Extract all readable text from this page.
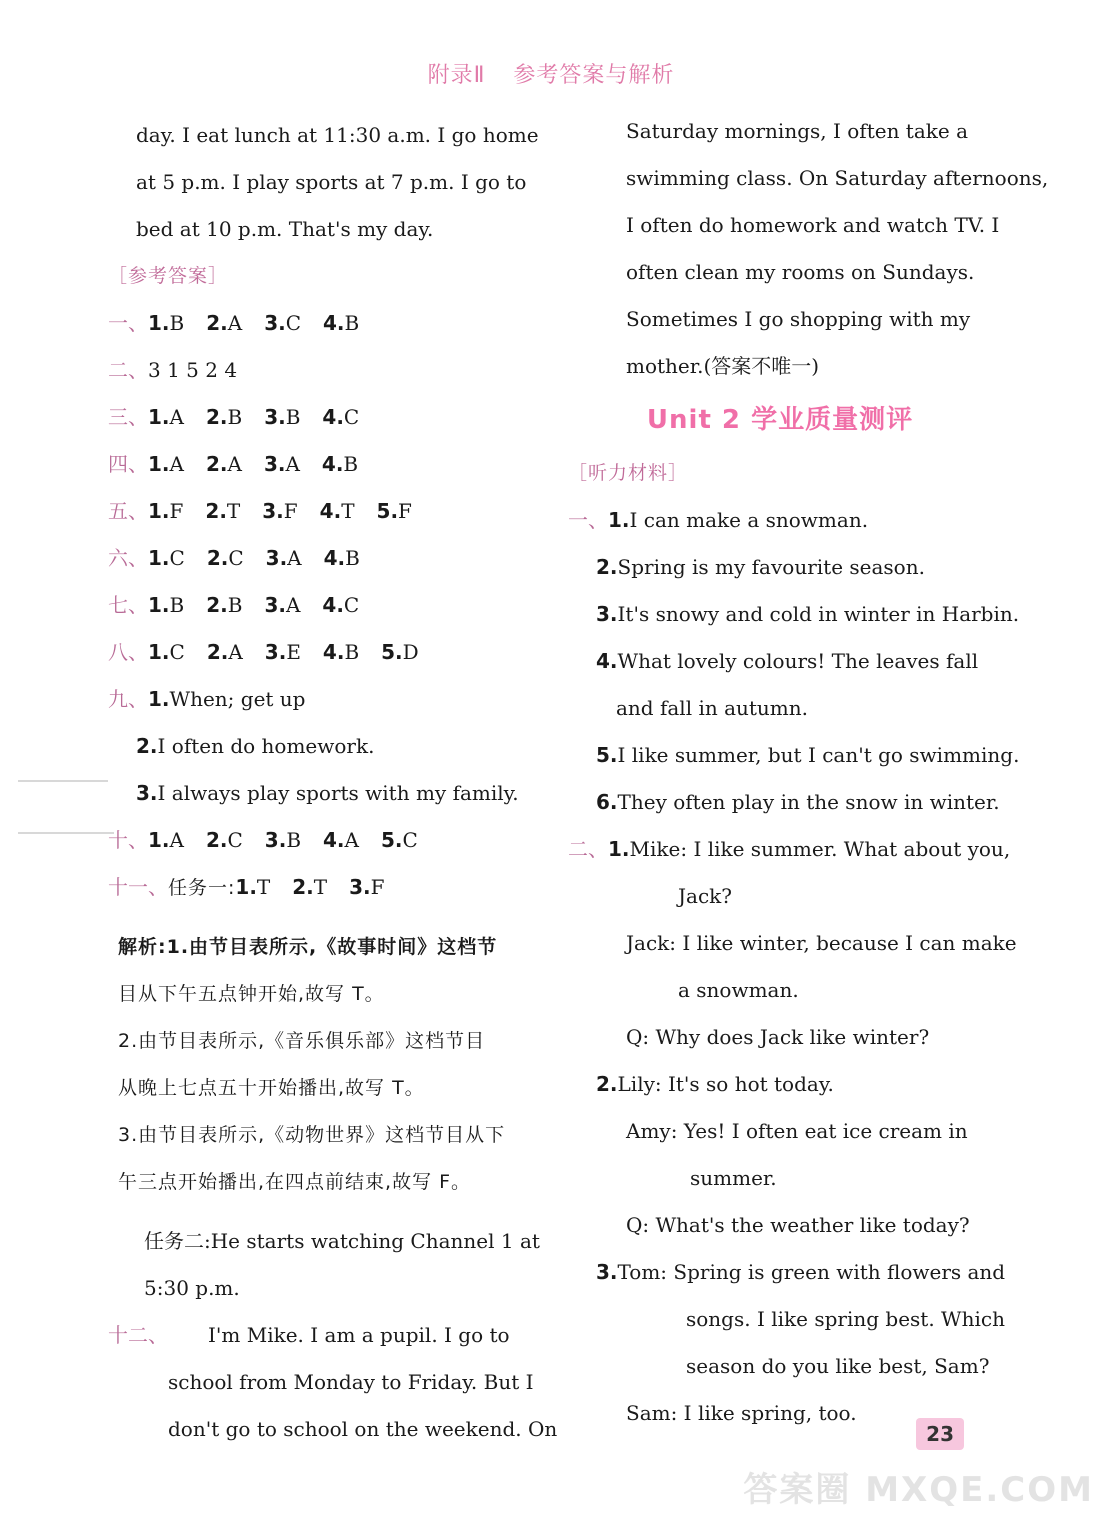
附录Ⅱ 参考答案与解析
day. I eat lunch at 11:30 a.m. I go home
at 5 p.m. I play sports at 7 p.m. I go to
bed at 10 p.m. That's my day.
［参考答案］
一、1.B 2.A 3.C 4.B
二、3 1 5 2 4
三、1.A 2.B 3.B 4.C
四、1.A 2.A 3.A 4.B
五、1.F 2.T 3.F 4.T 5.F
六、1.C 2.C 3.A 4.B
七、1.B 2.B 3.A 4.C
八、1.C 2.A 3.E 4.B 5.D
九、1.When; get up
2.I often do homework.
3.I always play sports with my family.
十、1.A 2.C 3.B 4.A 5.C
十一、任务一:1.T 2.T 3.F
解析:1.由节目表所示,《故事时间》这档节
目从下午五点钟开始,故写 T。
2.由节目表所示,《音乐俱乐部》这档节目
从晚上七点五十开始播出,故写 T。
3.由节目表所示,《动物世界》这档节目从下
午三点开始播出,在四点前结束,故写 F。
任务二:He starts watching Channel 1 at
5:30 p.m.
十二、 I'm Mike. I am a pupil. I go to
school from Monday to Friday. But I
don't go to school on the weekend. On
Saturday mornings, I often take a
swimming class. On Saturday afternoons,
I often do homework and watch TV. I
often clean my rooms on Sundays.
Sometimes I go shopping with my
mother.(答案不唯一)
Unit 2 学业质量测评
［听力材料］
一、1.I can make a snowman.
2.Spring is my favourite season.
3.It's snowy and cold in winter in Harbin.
4.What lovely colours! The leaves fall
and fall in autumn.
5.I like summer, but I can't go swimming.
6.They often play in the snow in winter.
二、1.Mike: I like summer. What about you,
Jack?
Jack: I like winter, because I can make
a snowman.
Q: Why does Jack like winter?
2.Lily: It's so hot today.
Amy: Yes! I often eat ice cream in
summer.
Q: What's the weather like today?
3.Tom: Spring is green with flowers and
songs. I like spring best. Which
season do you like best, Sam?
Sam: I like spring, too.
23
答案圈 MXQE.COM
